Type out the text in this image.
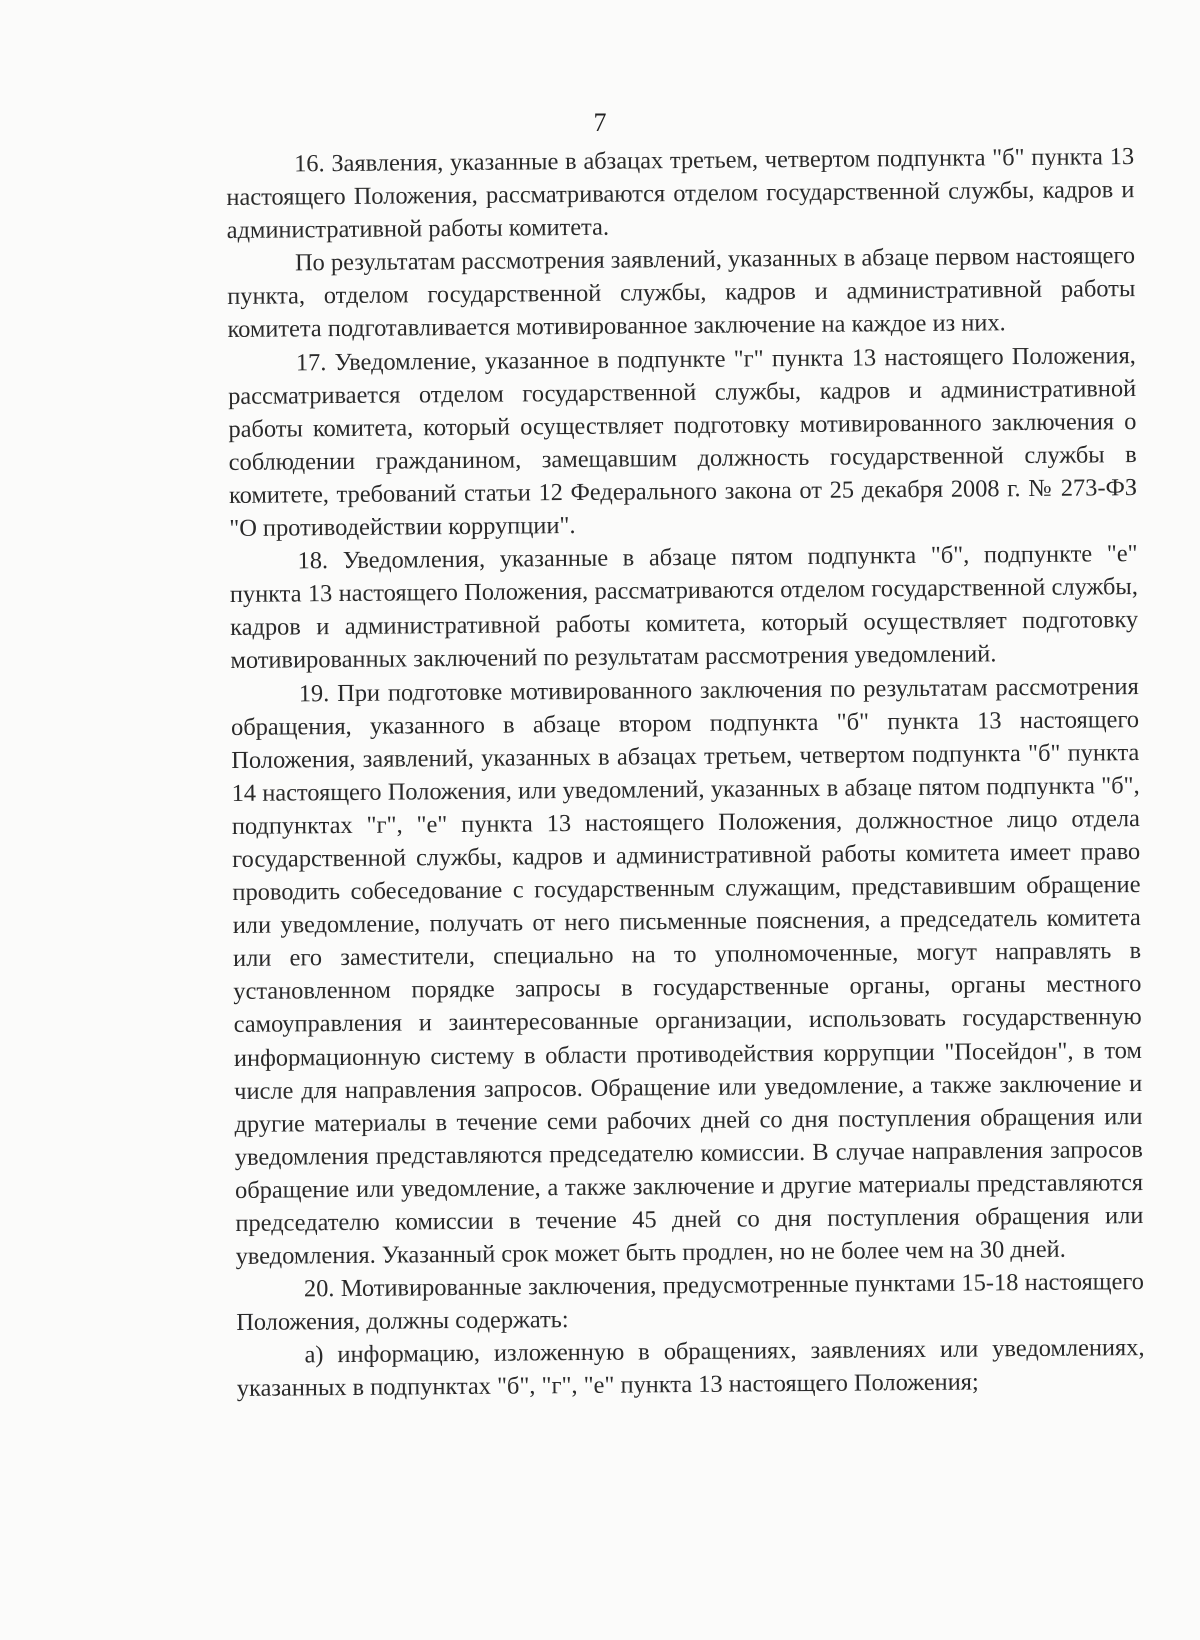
7

16. Заявления, указанные в абзацах третьем, четвертом подпункта "б" пункта 13 настоящего Положения, рассматриваются отделом государственной службы, кадров и административной работы комитета.

По результатам рассмотрения заявлений, указанных в абзаце первом настоящего пункта, отделом государственной службы, кадров и административной работы комитета подготавливается мотивированное заключение на каждое из них.

17. Уведомление, указанное в подпункте "г" пункта 13 настоящего Положения, рассматривается отделом государственной службы, кадров и административной работы комитета, который осуществляет подготовку мотивированного заключения о соблюдении гражданином, замещавшим должность государственной службы в комитете, требований статьи 12 Федерального закона от 25 декабря 2008 г. № 273-ФЗ "О противодействии коррупции".

18. Уведомления, указанные в абзаце пятом подпункта "б", подпункте "е" пункта 13 настоящего Положения, рассматриваются отделом государственной службы, кадров и административной работы комитета, который осуществляет подготовку мотивированных заключений по результатам рассмотрения уведомлений.

19. При подготовке мотивированного заключения по результатам рассмотрения обращения, указанного в абзаце втором подпункта "б" пункта 13 настоящего Положения, заявлений, указанных в абзацах третьем, четвертом подпункта "б" пункта 14 настоящего Положения, или уведомлений, указанных в абзаце пятом подпункта "б", подпунктах "г", "е" пункта 13 настоящего Положения, должностное лицо отдела государственной службы, кадров и административной работы комитета имеет право проводить собеседование с государственным служащим, представившим обращение или уведомление, получать от него письменные пояснения, а председатель комитета или его заместители, специально на то уполномоченные, могут направлять в установленном порядке запросы в государственные органы, органы местного самоуправления и заинтересованные организации, использовать государственную информационную систему в области противодействия коррупции "Посейдон", в том числе для направления запросов. Обращение или уведомление, а также заключение и другие материалы в течение семи рабочих дней со дня поступления обращения или уведомления представляются председателю комиссии. В случае направления запросов обращение или уведомление, а также заключение и другие материалы представляются председателю комиссии в течение 45 дней со дня поступления обращения или уведомления. Указанный срок может быть продлен, но не более чем на 30 дней.

20. Мотивированные заключения, предусмотренные пунктами 15-18 настоящего Положения, должны содержать:

а) информацию, изложенную в обращениях, заявлениях или уведомлениях, указанных в подпунктах "б", "г", "е" пункта 13 настоящего Положения;
